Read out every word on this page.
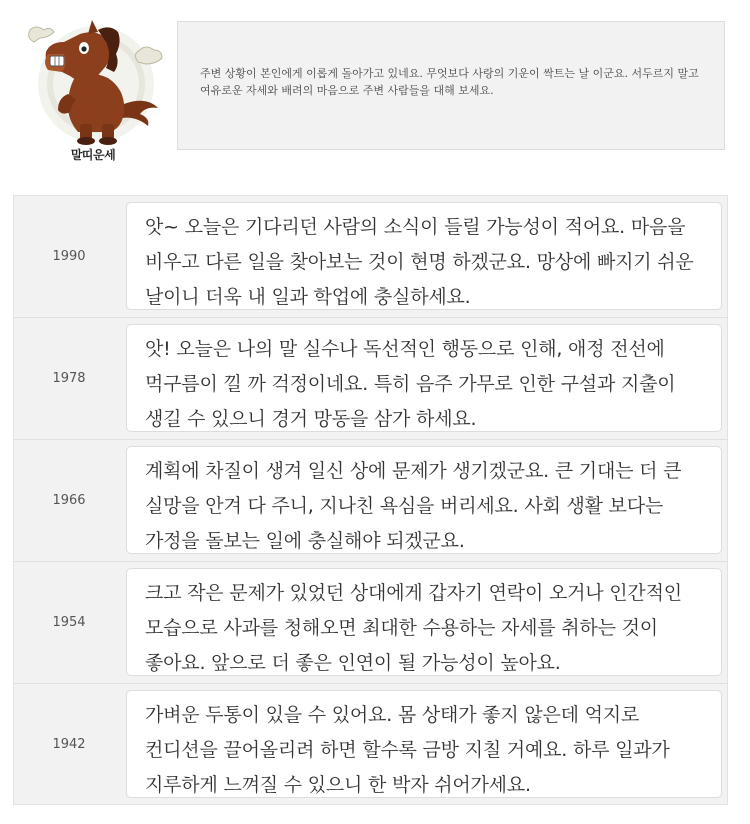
말띠운세
주변 상황이 본인에게 이롭게 돌아가고 있네요. 무엇보다 사랑의 기운이 싹트는 날 이군요. 서두르지 말고 여유로운 자세와 배려의 마음으로 주변 사람들을 대해 보세요.
1990
앗~ 오늘은 기다리던 사람의 소식이 들릴 가능성이 적어요. 마음을 비우고 다른 일을 찾아보는 것이 현명 하겠군요. 망상에 빠지기 쉬운 날이니 더욱 내 일과 학업에 충실하세요.
1978
앗! 오늘은 나의 말 실수나 독선적인 행동으로 인해, 애정 전선에 먹구름이 낄 까 걱정이네요. 특히 음주 가무로 인한 구설과 지출이 생길 수 있으니 경거 망동을 삼가 하세요.
1966
계획에 차질이 생겨 일신 상에 문제가 생기겠군요. 큰 기대는 더 큰 실망을 안겨 다 주니, 지나친 욕심을 버리세요. 사회 생활 보다는 가정을 돌보는 일에 충실해야 되겠군요.
1954
크고 작은 문제가 있었던 상대에게 갑자기 연락이 오거나 인간적인 모습으로 사과를 청해오면 최대한 수용하는 자세를 취하는 것이 좋아요. 앞으로 더 좋은 인연이 될 가능성이 높아요.
1942
가벼운 두통이 있을 수 있어요. 몸 상태가 좋지 않은데 억지로 컨디션을 끌어올리려 하면 할수록 금방 지칠 거예요. 하루 일과가 지루하게 느껴질 수 있으니 한 박자 쉬어가세요.
